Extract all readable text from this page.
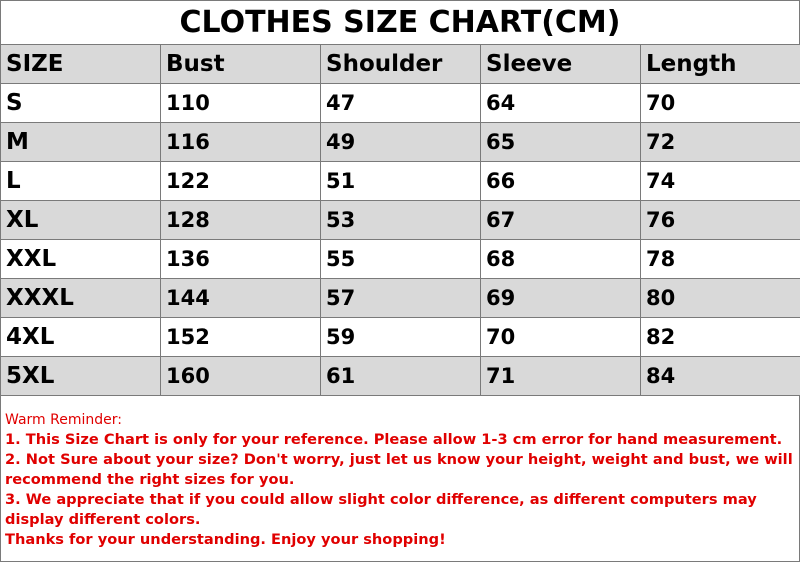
CLOTHES SIZE CHART(CM)
SIZE	Bust	Shoulder	Sleeve	Length
S	110	47	64	70
M	116	49	65	72
L	122	51	66	74
XL	128	53	67	76
XXL	136	55	68	78
XXXL	144	57	69	80
4XL	152	59	70	82
5XL	160	61	71	84
Warm Reminder:
1. This Size Chart is only for your reference. Please allow 1-3 cm error for hand measurement.
2. Not Sure about your size? Don't worry, just let us know your height, weight and bust, we will recommend the right sizes for you.
3. We appreciate that if you could allow slight color difference, as different computers may display different colors.
Thanks for your understanding. Enjoy your shopping!
